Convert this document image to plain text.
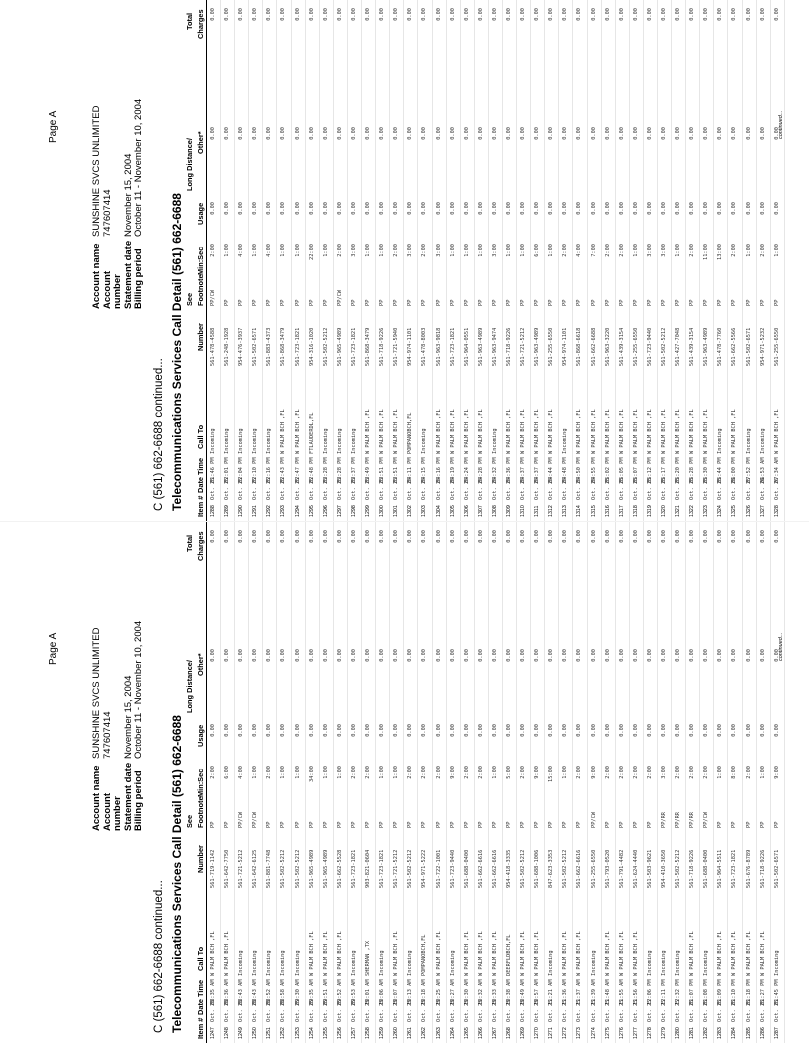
Page A
Account name
SUNSHINE SVCS UNLIMITED
Account number
747607414
Statement date
November 15, 2004
Billing period
October 11 - November 10, 2004
C (561) 662-6688 continued... Telecommunications Services Call Detail (561) 662-6688 Item #
Date
Time
Call To
Number
See Footnote
Min:Sec
Usage
Long Distance/ Other*
Total Charges
1247
Oct. 25
08:35 AM
W PALM BCH ,FL
561-719-1142
PP
2:00
0.00
0.00
0.00
1248
Oct. 25
08:36 AM
W PALM BCH ,FL
561-642-7750
PP
6:00
0.00
0.00
0.00
1249
Oct. 25
08:43 AM
Incoming
561-721-5212
PP/CW
4:00
0.00
0.00
0.00
1250
Oct. 25
08:43 AM
Incoming
561-642-6125
PP/CW
1:00
0.00
0.00
0.00
1251
Oct. 25
08:52 AM
Incoming
561-881-7748
PP
2:00
0.00
0.00
0.00
1252
Oct. 25
08:58 AM
Incoming
561-502-5212
PP
1:00
0.00
0.00
0.00
1253
Oct. 25
09:30 AM
Incoming
561-502-5212
PP
1:00
0.00
0.00
0.00
1254
Oct. 25
09:35 AM
W PALM BCH ,FL
561-965-4989
PP
34:00
0.00
0.00
0.00
1255
Oct. 25
09:51 AM
W PALM BCH ,FL
561-965-4989
PP
1:00
0.00
0.00
0.00
1256
Oct. 25
09:52 AM
W PALM BCH ,FL
561-662-5528
PP
1:00
0.00
0.00
0.00
1257
Oct. 25
09:53 AM
Incoming
561-723-1821
PP
2:00
0.00
0.00
0.00
1258
Oct. 25
10:01 AM
SHERMAN ,TX
903-821-0604
PP
2:00
0.00
0.00
0.00
1259
Oct. 25
10:06 AM
Incoming
561-723-1821
PP
1:00
0.00
0.00
0.00
1260
Oct. 25
10:07 AM
W PALM BCH ,FL
561-721-5212
PP
1:00
0.00
0.00
0.00
1261
Oct. 25
10:13 AM
Incoming
561-502-5212
PP
2:00
0.00
0.00
0.00
1262
Oct. 25
10:18 AM
POMPANOBCH,FL
954-971-5222
PP
2:00
0.00
0.00
0.00
1263
Oct. 25
10:25 AM
W PALM BCH ,FL
561-722-1001
PP
2:00
0.00
0.00
0.00
1264
Oct. 25
10:27 AM
Incoming
561-723-9440
PP
9:00
0.00
0.00
0.00
1265
Oct. 25
10:30 AM
W PALM BCH ,FL
561-688-0400
PP
2:00
0.00
0.00
0.00
1266
Oct. 25
10:32 AM
W PALM BCH ,FL
561-662-6616
PP
2:00
0.00
0.00
0.00
1267
Oct. 25
10:33 AM
W PALM BCH ,FL
561-662-6616
PP
1:00
0.00
0.00
0.00
1268
Oct. 25
10:38 AM
DEERFLDBCH,FL
954-418-3335
PP
5:00
0.00
0.00
0.00
1269
Oct. 25
10:49 AM
W PALM BCH ,FL
561-502-5212
PP
2:00
0.00
0.00
0.00
1270
Oct. 25
10:57 AM
W PALM BCH ,FL
561-688-1006
PP
9:00
0.00
0.00
0.00
1271
Oct. 25
11:21 AM
Incoming
847-623-3353
PP
15:00
0.00
0.00
0.00
1272
Oct. 25
11:36 AM
W PALM BCH ,FL
561-502-5212
PP
1:00
0.00
0.00
0.00
1273
Oct. 25
11:37 AM
W PALM BCH ,FL
561-662-6616
PP
2:00
0.00
0.00
0.00
1274
Oct. 25
11:39 AM
Incoming
561-255-6550
PP/CW
9:00
0.00
0.00
0.00
1275
Oct. 25
11:48 AM
W PALM BCH ,FL
561-793-0520
PP
2:00
0.00
0.00
0.00
1276
Oct. 25
11:55 AM
W PALM BCH ,FL
561-791-4482
PP
2:00
0.00
0.00
0.00
1277
Oct. 25
11:56 AM
W PALM BCH ,FL
561-624-4440
PP
2:00
0.00
0.00
0.00
1278
Oct. 25
12:06 PM
Incoming
561-503-9621
PP
2:00
0.00
0.00
0.00
1279
Oct. 25
12:11 PM
Incoming
954-410-3650
PP/RR
3:00
0.00
0.00
0.00
1280
Oct. 25
12:32 PM
Incoming
561-502-5212
PP/RR
2:00
0.00
0.00
0.00
1281
Oct. 25
01:07 PM
W PALM BCH ,FL
561-718-9226
PP/RR
2:00
0.00
0.00
0.00
1282
Oct. 25
01:08 PM
Incoming
561-688-0400
PP/CW
2:00
0.00
0.00
0.00
1283
Oct. 25
01:09 PM
W PALM BCH ,FL
561-964-5511
PP
1:00
0.00
0.00
0.00
1284
Oct. 25
01:10 PM
W PALM BCH ,FL
561-723-1821
PP
8:00
0.00
0.00
0.00
1285
Oct. 25
01:18 PM
W PALM BCH ,FL
561-676-8789
PP
2:00
0.00
0.00
0.00
1286
Oct. 25
01:27 PM
W PALM BCH ,FL
561-718-9226
PP
1:00
0.00
0.00
0.00
1287
Oct. 25
01:45 PM
Incoming
561-502-6571
PP
9:00
0.00
0.00
0.00
continued...
Page A
Account name
SUNSHINE SVCS UNLIMITED
Account number
747607414
Statement date
November 15, 2004
Billing period
October 11 - November 10, 2004
C (561) 662-6688 continued... Telecommunications Services Call Detail (561) 662-6688 Item #
Date
Time
Call To
Number
See Footnote
Min:Sec
Usage
Long Distance/ Other*
Total Charges
1288
Oct. 25
01:46 PM
Incoming
561-478-4588
PP/CW
2:00
0.00
0.00
0.00
1289
Oct. 25
02:01 PM
Incoming
561-248-1928
PP
1:00
0.00
0.00
0.00
1290
Oct. 25
02:04 PM
Incoming
954-476-3937
PP
4:00
0.00
0.00
0.00
1291
Oct. 25
02:10 PM
Incoming
561-502-6571
PP
1:00
0.00
0.00
0.00
1292
Oct. 25
02:16 PM
Incoming
561-883-4373
PP
4:00
0.00
0.00
0.00
1293
Oct. 25
02:43 PM
W PALM BCH ,FL
561-868-3479
PP
1:00
0.00
0.00
0.00
1294
Oct. 25
02:47 PM
W PALM BCH ,FL
561-723-1821
PP
1:00
0.00
0.00
0.00
1295
Oct. 25
02:48 PM
FTLAUDERDL,FL
954-316-1020
PP
22:00
0.00
0.00
0.00
1296
Oct. 25
03:28 PM
Incoming
561-502-5212
PP
1:00
0.00
0.00
0.00
1297
Oct. 25
03:28 PM
Incoming
561-965-4989
PP/CW
2:00
0.00
0.00
0.00
1298
Oct. 25
03:37 PM
Incoming
561-723-1821
PP
3:00
0.00
0.00
0.00
1299
Oct. 25
03:49 PM
W PALM BCH ,FL
561-868-3479
PP
1:00
0.00
0.00
0.00
1300
Oct. 25
03:51 PM
W PALM BCH ,FL
561-718-9226
PP
1:00
0.00
0.00
0.00
1301
Oct. 25
03:51 PM
W PALM BCH ,FL
561-721-5940
PP
2:00
0.00
0.00
0.00
1302
Oct. 25
04:11 PM
POMPANOBCH,FL
954-974-1101
PP
3:00
0.00
0.00
0.00
1303
Oct. 25
04:15 PM
Incoming
561-478-8003
PP
2:00
0.00
0.00
0.00
1304
Oct. 25
04:16 PM
W PALM BCH ,FL
561-963-9818
PP
3:00
0.00
0.00
0.00
1305
Oct. 25
04:19 PM
W PALM BCH ,FL
561-723-1821
PP
1:00
0.00
0.00
0.00
1306
Oct. 25
04:24 PM
W PALM BCH ,FL
561-964-0551
PP
1:00
0.00
0.00
0.00
1307
Oct. 25
04:28 PM
W PALM BCH ,FL
561-963-4989
PP
1:00
0.00
0.00
0.00
1308
Oct. 25
04:32 PM
Incoming
561-963-9474
PP
3:00
0.00
0.00
0.00
1309
Oct. 25
04:36 PM
W PALM BCH ,FL
561-718-9226
PP
1:00
0.00
0.00
0.00
1310
Oct. 25
04:37 PM
W PALM BCH ,FL
561-721-5212
PP
1:00
0.00
0.00
0.00
1311
Oct. 25
04:37 PM
W PALM BCH ,FL
561-963-4989
PP
6:00
0.00
0.00
0.00
1312
Oct. 25
04:44 PM
W PALM BCH ,FL
561-255-6550
PP
1:00
0.00
0.00
0.00
1313
Oct. 25
04:48 PM
Incoming
954-974-1101
PP
2:00
0.00
0.00
0.00
1314
Oct. 25
04:50 PM
W PALM BCH ,FL
561-868-6618
PP
4:00
0.00
0.00
0.00
1315
Oct. 25
04:55 PM
W PALM BCH ,FL
561-662-6688
PP
7:00
0.00
0.00
0.00
1316
Oct. 25
05:02 PM
W PALM BCH ,FL
561-963-3220
PP
2:00
0.00
0.00
0.00
1317
Oct. 25
05:05 PM
W PALM BCH ,FL
561-439-3154
PP
2:00
0.00
0.00
0.00
1318
Oct. 25
05:07 PM
W PALM BCH ,FL
561-255-6550
PP
1:00
0.00
0.00
0.00
1319
Oct. 25
05:12 PM
W PALM BCH ,FL
561-723-9440
PP
3:00
0.00
0.00
0.00
1320
Oct. 25
05:17 PM
W PALM BCH ,FL
561-502-5212
PP
3:00
0.00
0.00
0.00
1321
Oct. 25
05:20 PM
W PALM BCH ,FL
561-427-7048
PP
1:00
0.00
0.00
0.00
1322
Oct. 25
05:28 PM
W PALM BCH ,FL
561-439-3154
PP
2:00
0.00
0.00
0.00
1323
Oct. 25
05:30 PM
W PALM BCH ,FL
561-963-4989
PP
11:00
0.00
0.00
0.00
1324
Oct. 25
05:44 PM
Incoming
561-478-7760
PP
13:00
0.00
0.00
0.00
1325
Oct. 25
06:00 PM
W PALM BCH ,FL
561-662-5566
PP
2:00
0.00
0.00
0.00
1326
Oct. 25
07:52 PM
Incoming
561-502-6571
PP
1:00
0.00
0.00
0.00
1327
Oct. 26
06:53 AM
Incoming
954-971-5232
PP
2:00
0.00
0.00
0.00
1328
Oct. 26
07:34 AM
W PALM BCH ,FL
561-255-6550
PP
1:00
0.00
0.00
0.00
continued...
